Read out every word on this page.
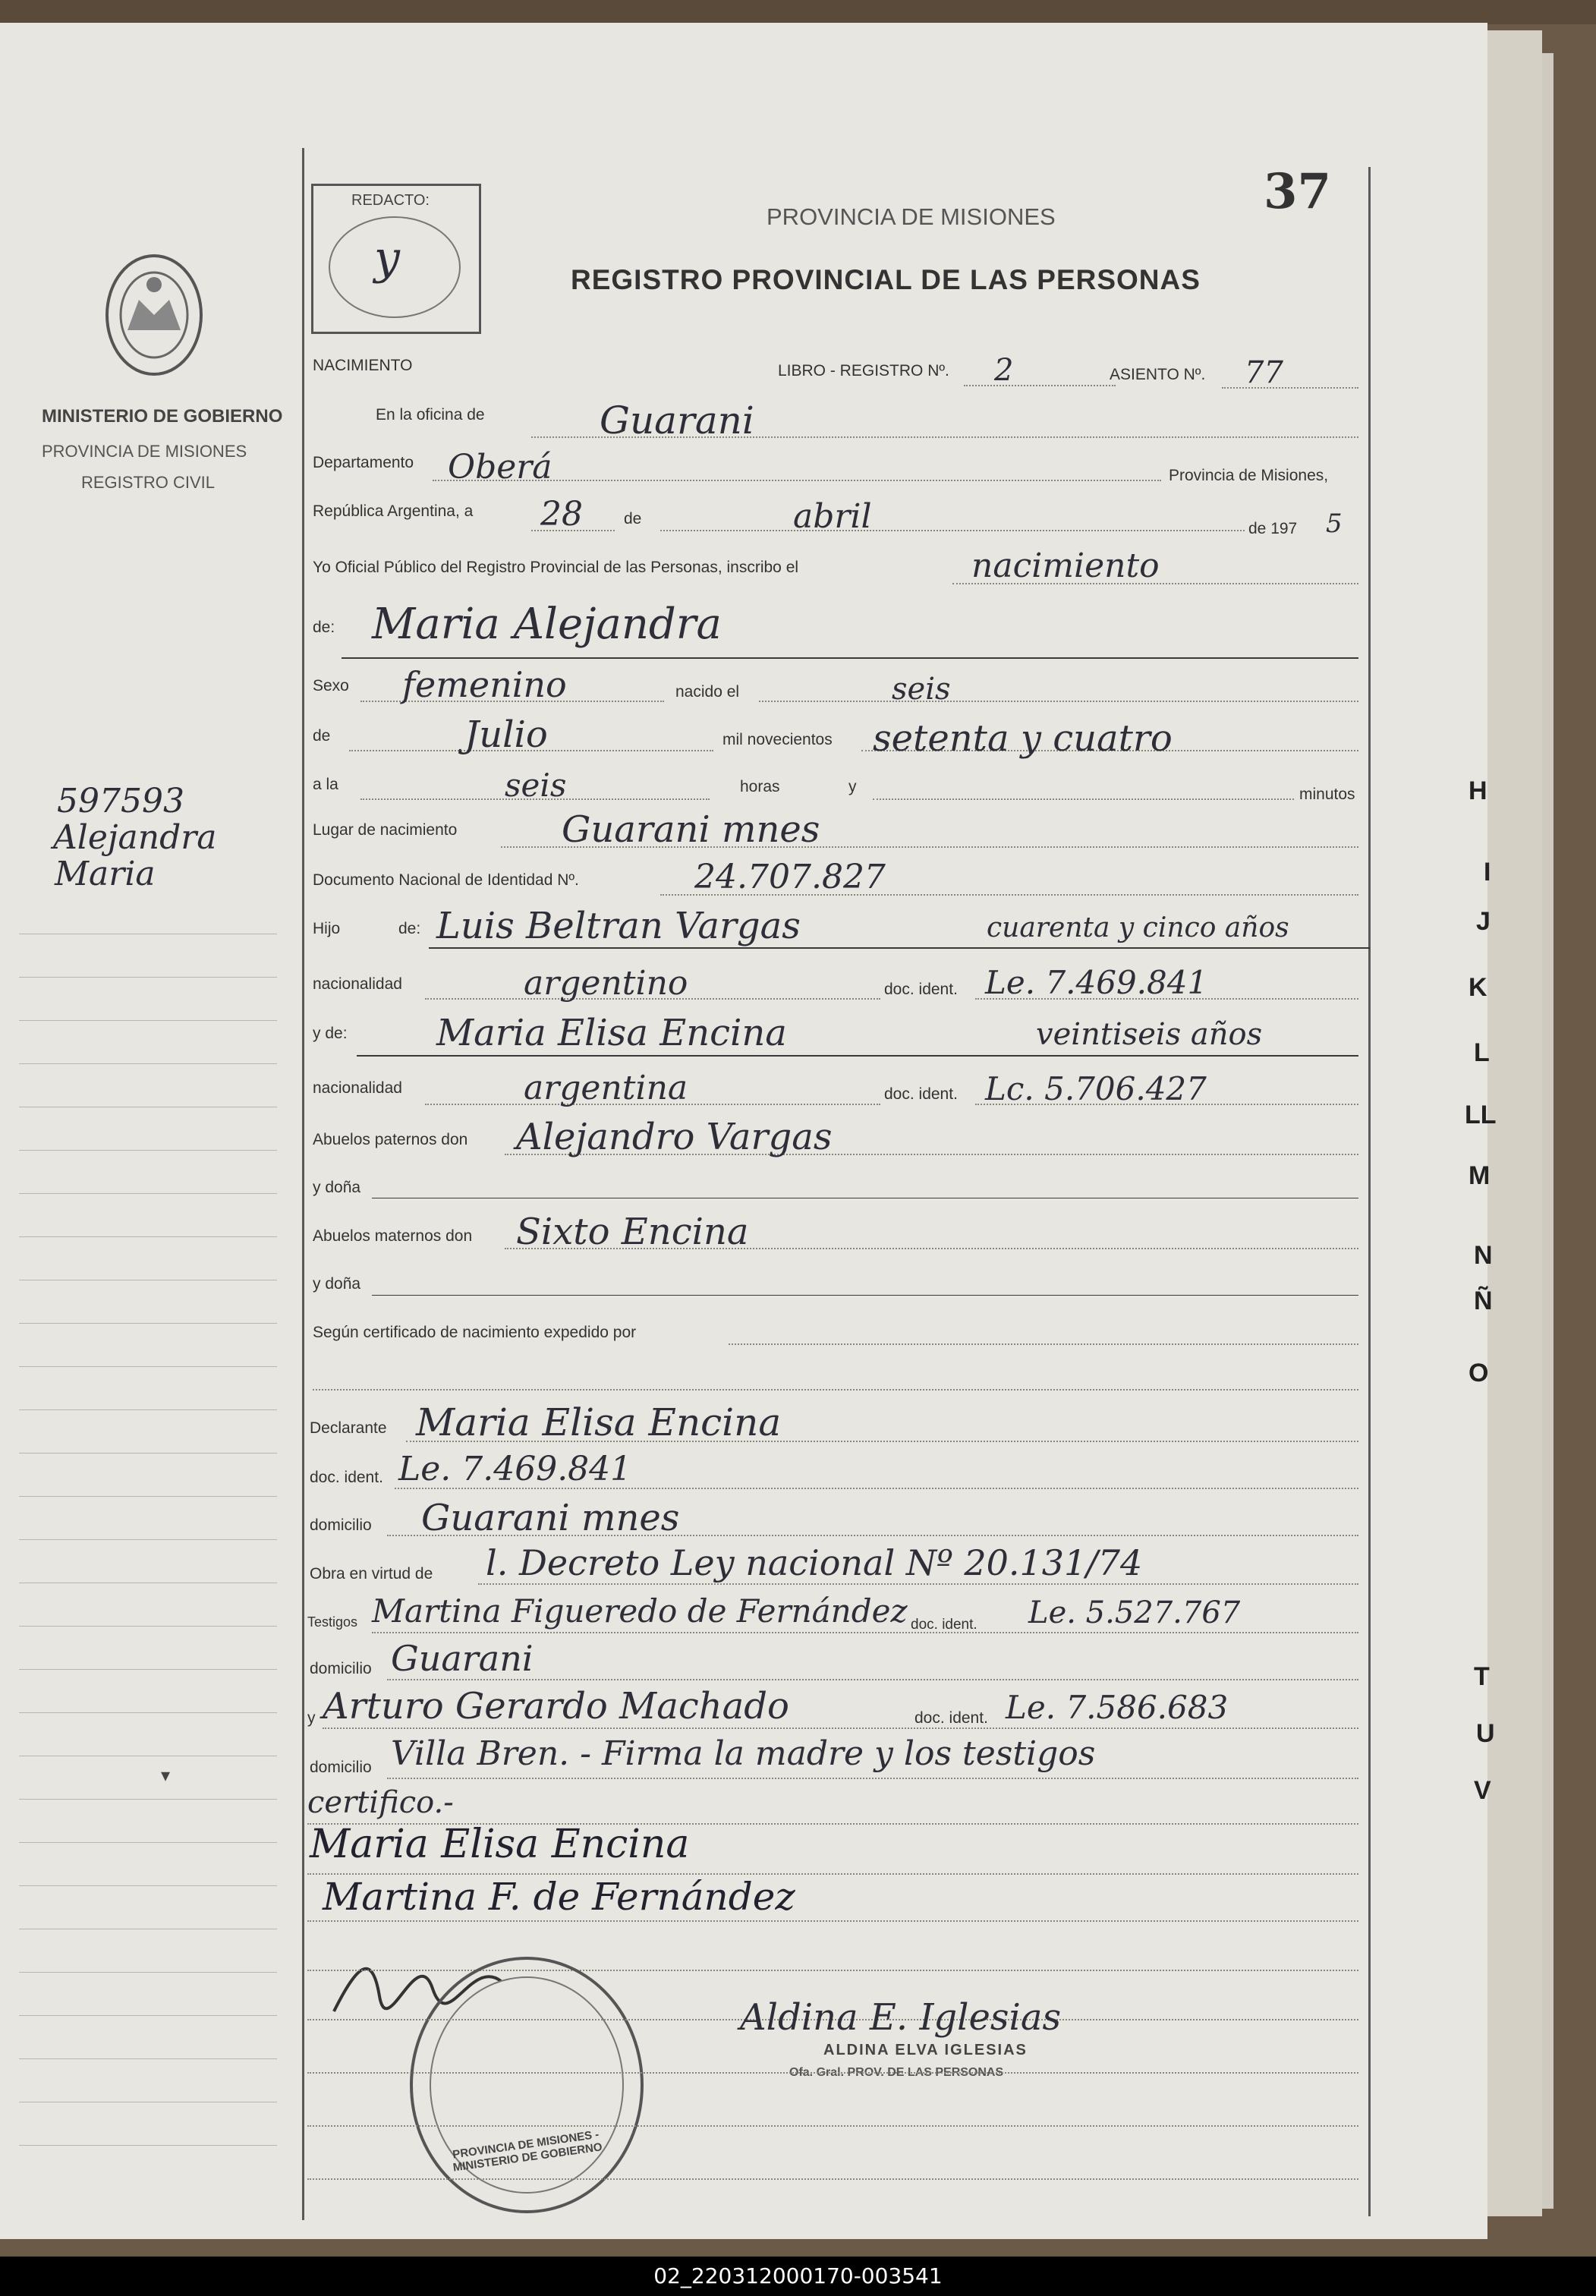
MINISTERIO DE GOBIERNO
PROVINCIA DE MISIONES
REGISTRO CIVIL
597593
Alejandra
Maria
REDACTO:
y
PROVINCIA DE MISIONES	37
REGISTRO PROVINCIAL DE LAS PERSONAS
NACIMIENTO	LIBRO - REGISTRO Nº. 2	ASIENTO Nº. 77
En la oficina de	Guarani
Departamento Oberá	Provincia de Misiones,
República Argentina, a 28	de	abril	de 197 5
Yo Oficial Público del Registro Provincial de las Personas, inscribo el	nacimiento
de: Maria Alejandra
Sexo femenino	nacido el	seis
de	Julio	mil novecientos setenta y cuatro
a la	seis	horas	y	minutos
Lugar de nacimiento	Guarani mnes
Documento Nacional de Identidad Nº.	24.707.827
Hijo	de: Luis Beltran Vargas	cuarenta y cinco años
nacionalidad	argentino	doc. ident. Le. 7.469.841
y de: Maria Elisa Encina	veintiseis años
nacionalidad	argentina	doc. ident. Lc. 5.706.427
Abuelos paternos don Alejandro Vargas
y doña
Abuelos maternos don Sixto Encina
y doña
Según certificado de nacimiento expedido por
Declarante Maria Elisa Encina
doc. ident. Le. 7.469.841
domicilio Guarani mnes
Obra en virtud de l. Decreto Ley nacional Nº 20.131/74
Testigos Martina Figueredo de Fernández doc. ident. Le. 5.527.767
domicilio Guarani
y Arturo Gerardo Machado	doc. ident. Le. 7.586.683
domicilio Villa Bren. - Firma la madre y los testigos
certifico.-
Maria Elisa Encina
Martina F. de Fernández
PROVINCIA DE MISIONES - MINISTERIO DE GOBIERNO
Aldina E. Iglesias
ALDINA ELVA IGLESIAS
Ofa. Gral. PROV. DE LAS PERSONAS
▾
H
I
J
K
L
LL
M
N
Ñ
O
T
U
V
02_220312000170-003541
